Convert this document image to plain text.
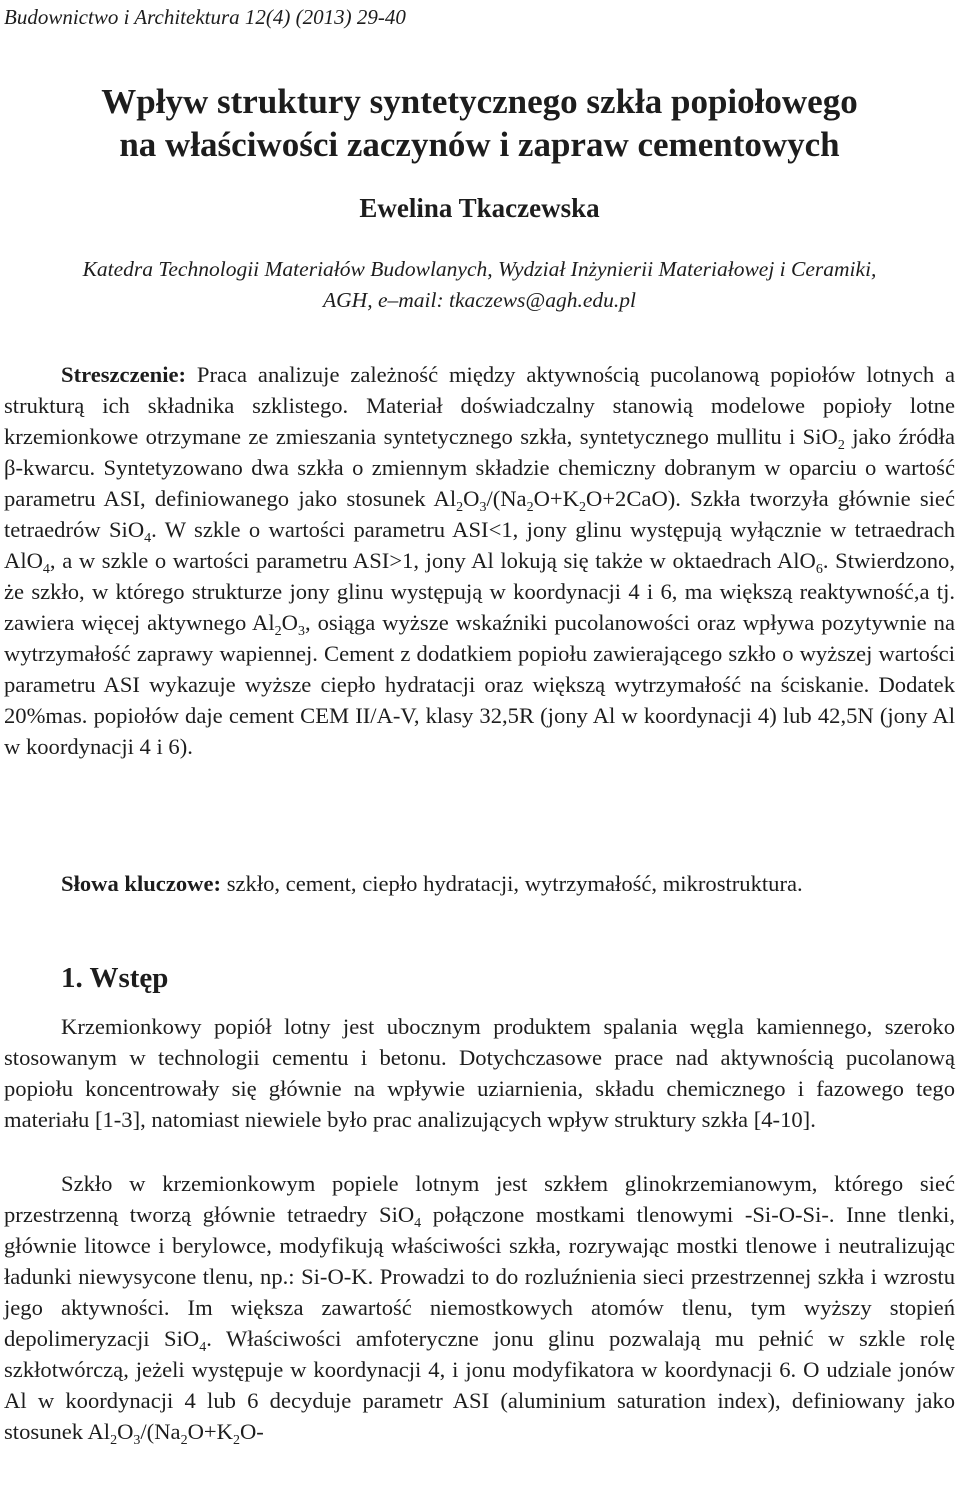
Budownictwo i Architektura 12(4) (2013) 29-40
Wpływ struktury syntetycznego szkła popiołowego
na właściwości zaczynów i zapraw cementowych
Ewelina Tkaczewska
Katedra Technologii Materiałów Budowlanych, Wydział Inżynierii Materiałowej i Ceramiki,
AGH, e–mail: tkaczews@agh.edu.pl
Streszczenie: Praca analizuje zależność między aktywnością pucolanową popiołów lotnych a strukturą ich składnika szklistego. Materiał doświadczalny stanowią modelowe popioły lotne krzemionkowe otrzymane ze zmieszania syntetycznego szkła, syntetycznego mullitu i SiO$_2$ jako źródła β-kwarcu. Syntetyzowano dwa szkła o zmiennym składzie chemiczny dobranym w oparciu o wartość parametru ASI, definiowanego jako stosunek $Al_2O_3/(Na_2O+K_2O+2CaO)$. Szkła tworzyła głównie sieć tetraedrów SiO$_4$. W szkle o wartości parametru ASI<1, jony glinu występują wyłącznie w tetraedrach AlO$_4$, a w szkle o wartości parametru ASI>1, jony Al lokują się także w oktaedrach AlO$_6$. Stwierdzono, że szkło, w którego strukturze jony glinu występują w koordynacji 4 i 6, ma większą reaktywność,a tj. zawiera więcej aktywnego $Al_2O_3$, osiąga wyższe wskaźniki pucolanowości oraz wpływa pozytywnie na wytrzymałość zaprawy wapiennej. Cement z dodatkiem popiołu zawierającego szkło o wyższej wartości parametru ASI wykazuje wyższe ciepło hydratacji oraz większą wytrzymałość na ściskanie. Dodatek 20%mas. popiołów daje cement CEM II/A-V, klasy 32,5R (jony Al w koordynacji 4) lub 42,5N (jony Al w koordynacji 4 i 6).
Słowa kluczowe: szkło, cement, ciepło hydratacji, wytrzymałość, mikrostruktura.
1. Wstęp
Krzemionkowy popiół lotny jest ubocznym produktem spalania węgla kamiennego, szeroko stosowanym w technologii cementu i betonu. Dotychczasowe prace nad aktywnością pucolanową popiołu koncentrowały się głównie na wpływie uziarnienia, składu chemicznego i fazowego tego materiału [1-3], natomiast niewiele było prac analizujących wpływ struktury szkła [4-10].
Szkło w krzemionkowym popiele lotnym jest szkłem glinokrzemianowym, którego sieć przestrzenną tworzą głównie tetraedry SiO$_4$ połączone mostkami tlenowymi -Si-O-Si-. Inne tlenki, głównie litowce i berylowce, modyfikują właściwości szkła, rozrywając mostki tlenowe i neutralizując ładunki niewysycone tlenu, np.: Si-O-K. Prowadzi to do rozluźnienia sieci przestrzennej szkła i wzrostu jego aktywności. Im większa zawartość niemostkowych atomów tlenu, tym wyższy stopień depolimeryzacji SiO$_4$. Właściwości amfoteryczne jonu glinu pozwalają mu pełnić w szkle rolę szkłotwórczą, jeżeli występuje w koordynacji 4, i jonu modyfikatora w koordynacji 6. O udziale jonów Al w koordynacji 4 lub 6 decyduje parametr ASI (aluminium saturation index), definiowany jako stosunek $Al_2O_3/(Na_2O+K_2O-$
